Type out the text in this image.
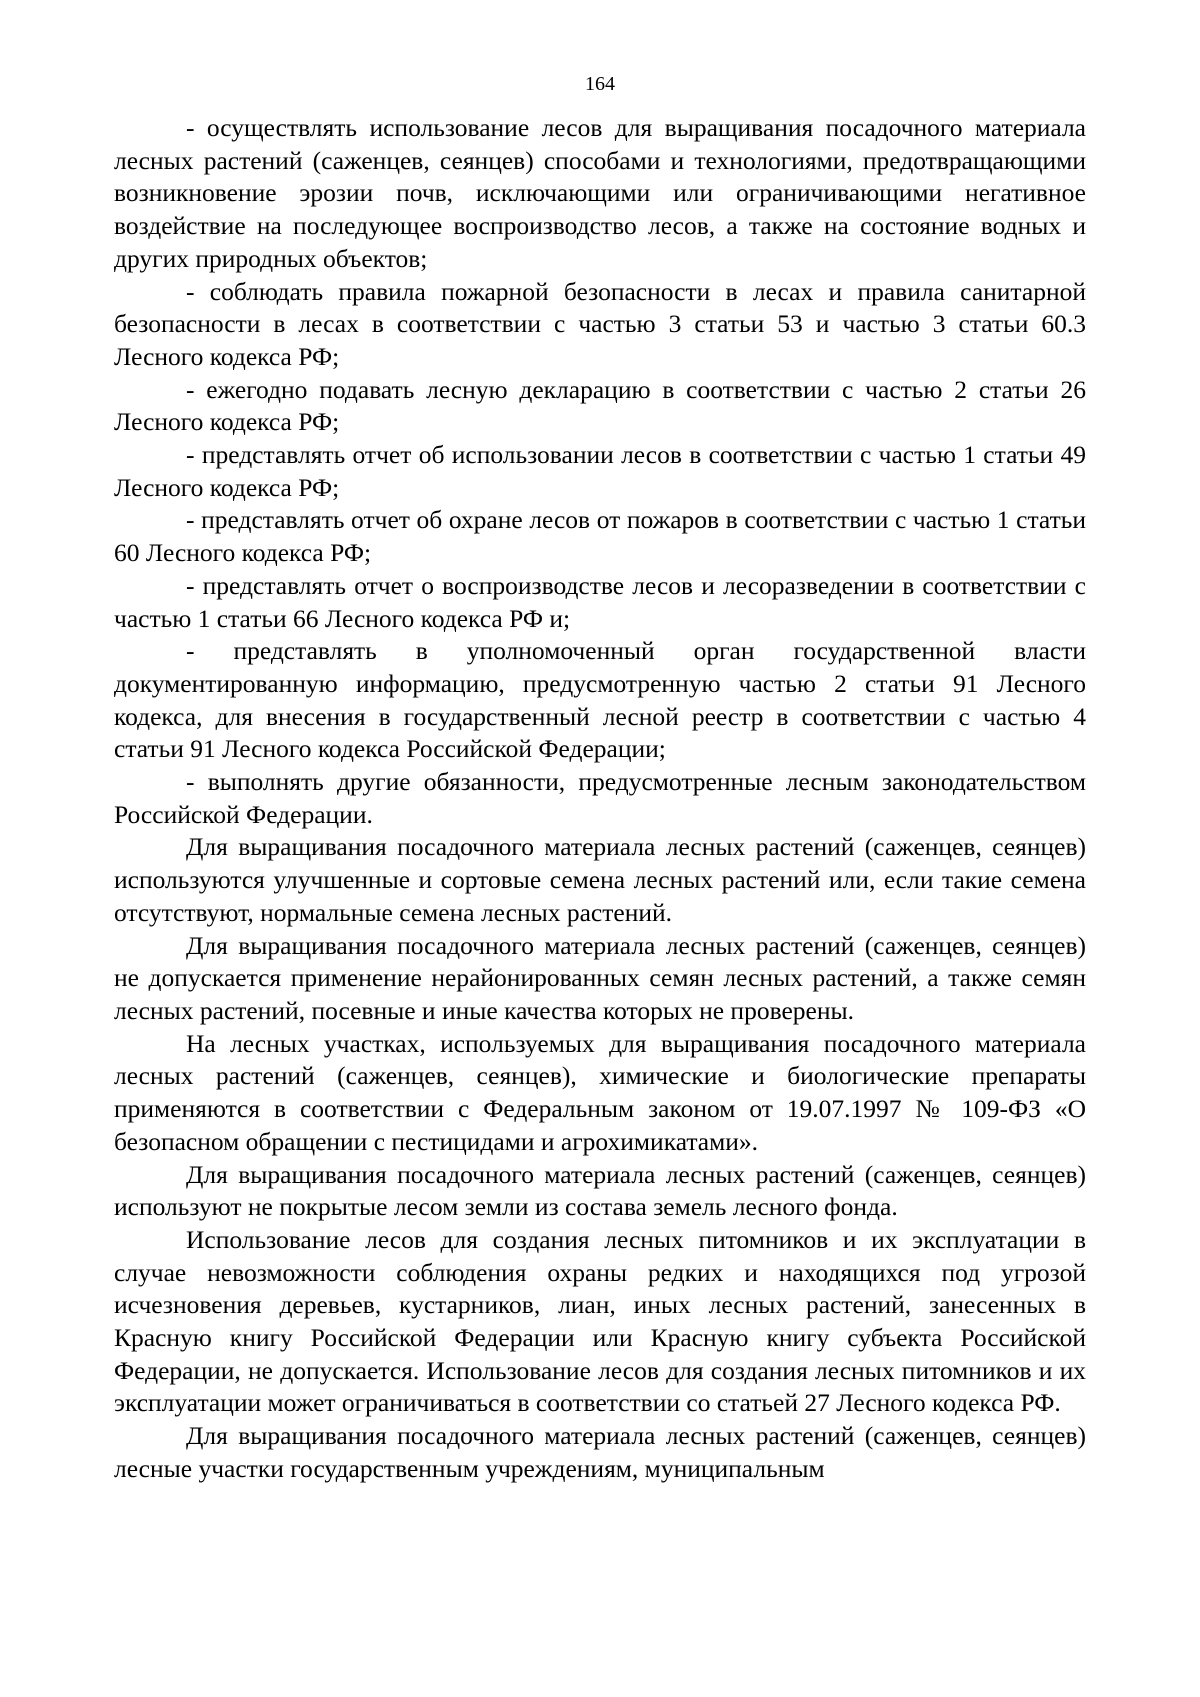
164

- осуществлять использование лесов для выращивания посадочного материала лесных растений (саженцев, сеянцев) способами и технологиями, предотвращающими возникновение эрозии почв, исключающими или ограничивающими негативное воздействие на последующее воспроизводство лесов, а также на состояние водных и других природных объектов;

- соблюдать правила пожарной безопасности в лесах и правила санитарной безопасности в лесах в соответствии с частью 3 статьи 53 и частью 3 статьи 60.3 Лесного кодекса РФ;

- ежегодно подавать лесную декларацию в соответствии с частью 2 статьи 26 Лесного кодекса РФ;

- представлять отчет об использовании лесов в соответствии с частью 1 статьи 49 Лесного кодекса РФ;

- представлять отчет об охране лесов от пожаров в соответствии с частью 1 статьи 60 Лесного кодекса РФ;

- представлять отчет о воспроизводстве лесов и лесоразведении в соответствии с частью 1 статьи 66 Лесного кодекса РФ и;

- представлять в уполномоченный орган государственной власти документированную информацию, предусмотренную частью 2 статьи 91 Лесного кодекса, для внесения в государственный лесной реестр в соответствии с частью 4 статьи 91 Лесного кодекса Российской Федерации;

- выполнять другие обязанности, предусмотренные лесным законодательством Российской Федерации.

Для выращивания посадочного материала лесных растений (саженцев, сеянцев) используются улучшенные и сортовые семена лесных растений или, если такие семена отсутствуют, нормальные семена лесных растений.

Для выращивания посадочного материала лесных растений (саженцев, сеянцев) не допускается применение нерайонированных семян лесных растений, а также семян лесных растений, посевные и иные качества которых не проверены.

На лесных участках, используемых для выращивания посадочного материала лесных растений (саженцев, сеянцев), химические и биологические препараты применяются в соответствии с Федеральным законом от 19.07.1997 № 109-ФЗ «О безопасном обращении с пестицидами и агрохимикатами».

Для выращивания посадочного материала лесных растений (саженцев, сеянцев) используют не покрытые лесом земли из состава земель лесного фонда.

Использование лесов для создания лесных питомников и их эксплуатации в случае невозможности соблюдения охраны редких и находящихся под угрозой исчезновения деревьев, кустарников, лиан, иных лесных растений, занесенных в Красную книгу Российской Федерации или Красную книгу субъекта Российской Федерации, не допускается. Использование лесов для создания лесных питомников и их эксплуатации может ограничиваться в соответствии со статьей 27 Лесного кодекса РФ.

Для выращивания посадочного материала лесных растений (саженцев, сеянцев) лесные участки государственным учреждениям, муниципальным
